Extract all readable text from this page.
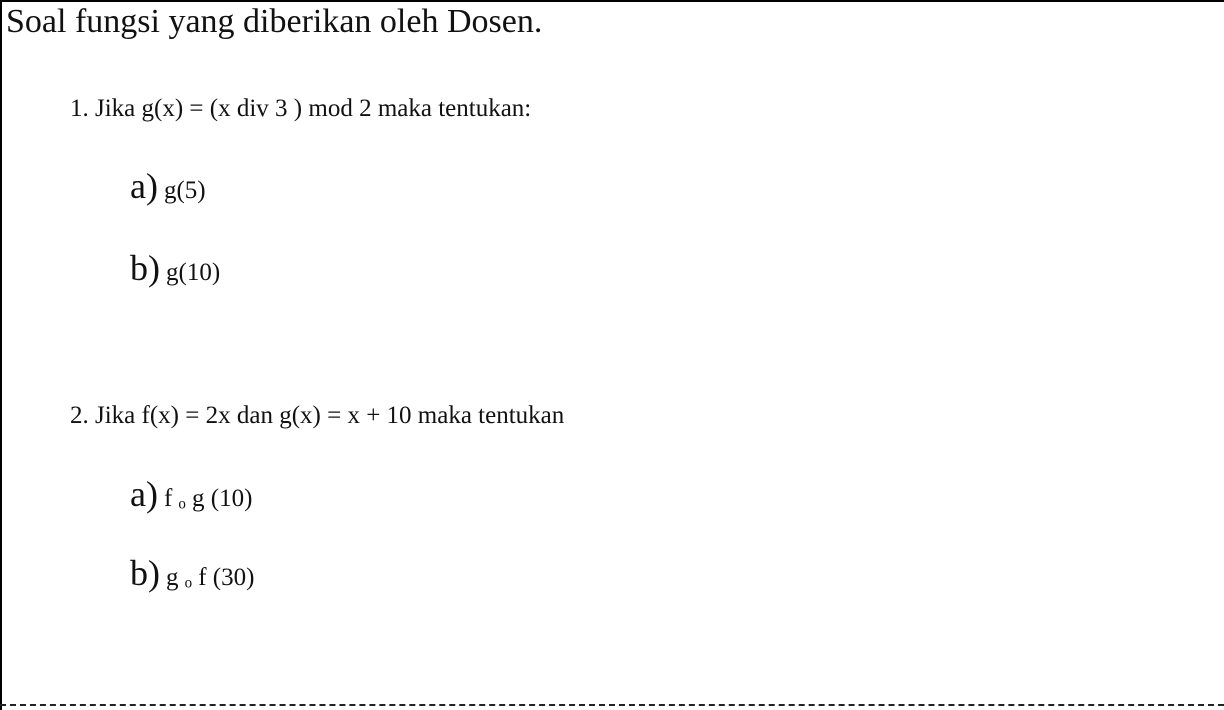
Soal fungsi yang diberikan oleh Dosen.
1. Jika g(x) = (x div 3 ) mod 2 maka tentukan:
a) g(5)
b) g(10)
2. Jika f(x) = 2x dan g(x) = x + 10 maka tentukan
a) f ₒ g (10)
b) g ₒ f (30)
